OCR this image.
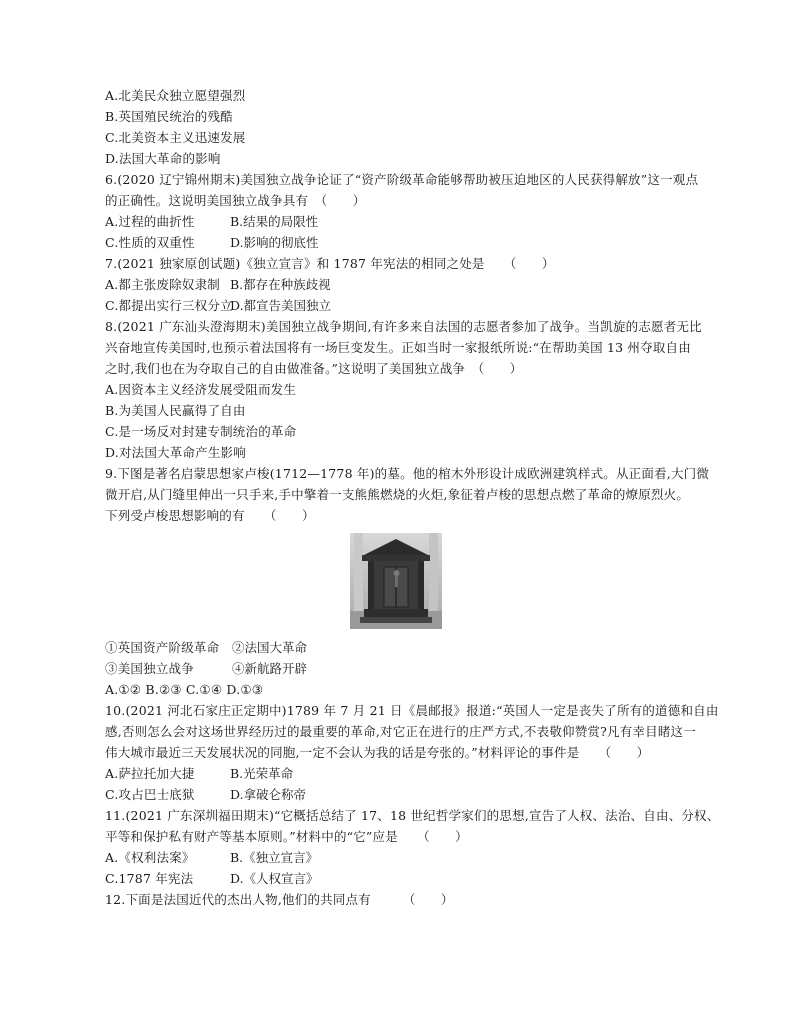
A.北美民众独立愿望强烈
B.英国殖民统治的残酷
C.北美资本主义迅速发展
D.法国大革命的影响
6.(2020 辽宁锦州期末)美国独立战争论证了“资产阶级革命能够帮助被压迫地区的人民获得解放”这一观点
的正确性。这说明美国独立战争具有　（　　）
A.过程的曲折性	B.结果的局限性
C.性质的双重性	D.影响的彻底性
7.(2021 独家原创试题)《独立宣言》和 1787 年宪法的相同之处是　　（　　）
A.都主张废除奴隶制 B.都存在种族歧视
C.都提出实行三权分立
D.都宣告美国独立
8.(2021 广东汕头澄海期末)美国独立战争期间,有许多来自法国的志愿者参加了战争。当凯旋的志愿者无比
兴奋地宣传美国时,也预示着法国将有一场巨变发生。正如当时一家报纸所说:“在帮助美国 13 州夺取自由
之时,我们也在为夺取自己的自由做准备。”这说明了美国独立战争　（　　）
A.因资本主义经济发展受阻而发生
B.为美国人民赢得了自由
C.是一场反对封建专制统治的革命
D.对法国大革命产生影响
9.下图是著名启蒙思想家卢梭(1712—1778 年)的墓。他的棺木外形设计成欧洲建筑样式。从正面看,大门微
微开启,从门缝里伸出一只手来,手中擎着一支熊熊燃烧的火炬,象征着卢梭的思想点燃了革命的燎原烈火。
下列受卢梭思想影响的有　　（　　）
①英国资产阶级革命 ②法国大革命
③美国独立战争	④新航路开辟
A.①② B.②③ C.①④ D.①③
10.(2021 河北石家庄正定期中)1789 年 7 月 21 日《晨邮报》报道:“英国人一定是丧失了所有的道德和自由
感,否则怎么会对这场世界经历过的最重要的革命,对它正在进行的庄严方式,不表敬仰赞赏?凡有幸目睹这一
伟大城市最近三天发展状况的同胞,一定不会认为我的话是夸张的。”材料评论的事件是　　（　　）
A.萨拉托加大捷	B.光荣革命
C.攻占巴士底狱	D.拿破仑称帝
11.(2021 广东深圳福田期末)“它概括总结了 17、18 世纪哲学家们的思想,宣告了人权、法治、自由、分权、
平等和保护私有财产等基本原则。”材料中的“它”应是　　（　　）
A.《权利法案》	B.《独立宣言》
C.1787 年宪法	D.《人权宣言》
12.下面是法国近代的杰出人物,他们的共同点有　　　（　　）
